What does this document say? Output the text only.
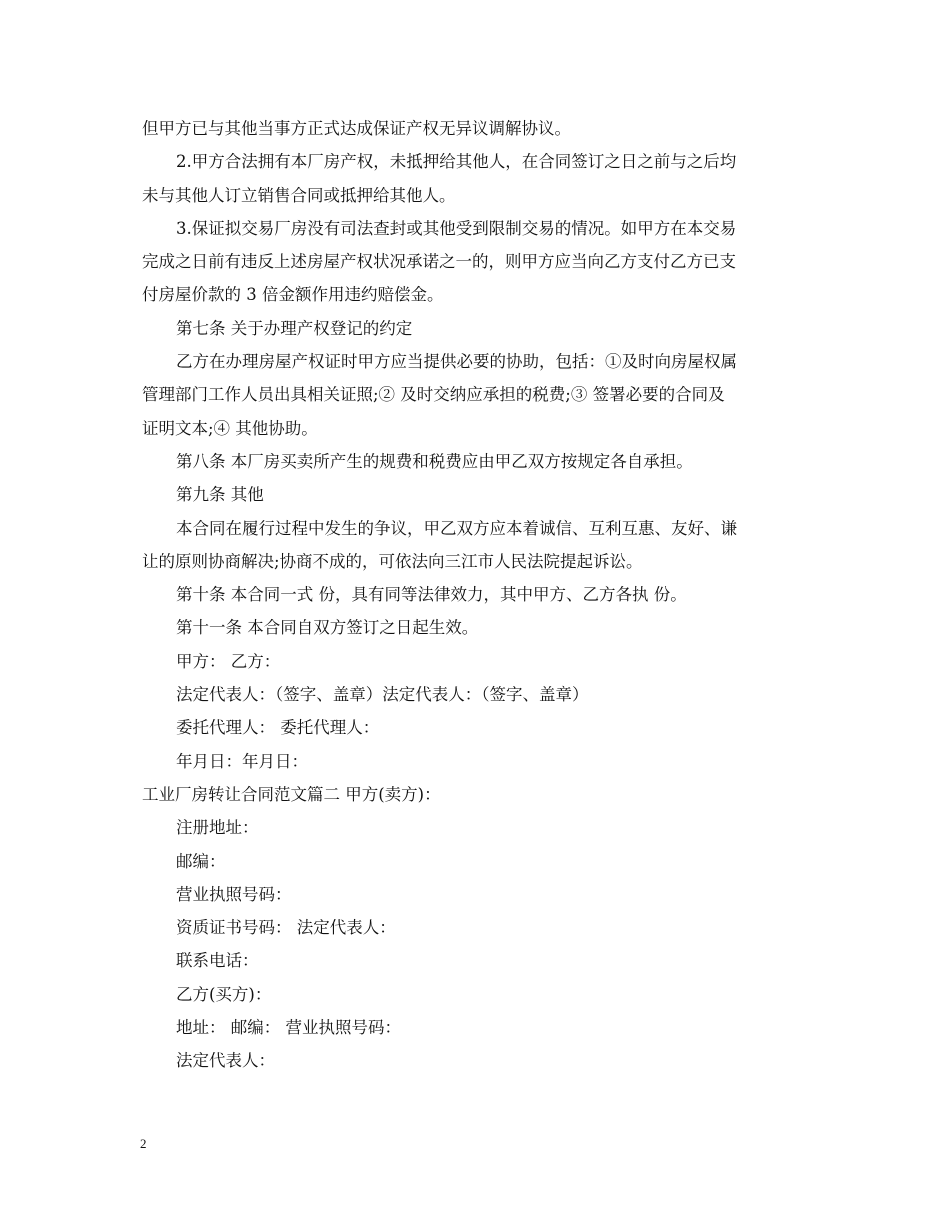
但甲方已与其他当事方正式达成保证产权无异议调解协议。
2.甲方合法拥有本厂房产权，未抵押给其他人，在合同签订之日之前与之后均
未与其他人订立销售合同或抵押给其他人。
3.保证拟交易厂房没有司法查封或其他受到限制交易的情况。如甲方在本交易
完成之日前有违反上述房屋产权状况承诺之一的，则甲方应当向乙方支付乙方已支
付房屋价款的 3 倍金额作用违约赔偿金。
第七条 关于办理产权登记的约定
乙方在办理房屋产权证时甲方应当提供必要的协助，包括：①及时向房屋权属
管理部门工作人员出具相关证照;② 及时交纳应承担的税费;③ 签署必要的合同及
证明文本;④ 其他协助。
第八条 本厂房买卖所产生的规费和税费应由甲乙双方按规定各自承担。
第九条 其他
本合同在履行过程中发生的争议，甲乙双方应本着诚信、互利互惠、友好、谦
让的原则协商解决;协商不成的，可依法向三江市人民法院提起诉讼。
第十条 本合同一式 份，具有同等法律效力，其中甲方、乙方各执 份。
第十一条 本合同自双方签订之日起生效。
甲方： 乙方：
法定代表人：（签字、盖章）法定代表人：（签字、盖章）
委托代理人： 委托代理人：
年月日：年月日：
工业厂房转让合同范文篇二 甲方(卖方)：
注册地址：
邮编：
营业执照号码：
资质证书号码： 法定代表人：
联系电话：
乙方(买方)：
地址： 邮编： 营业执照号码：
法定代表人：
2
